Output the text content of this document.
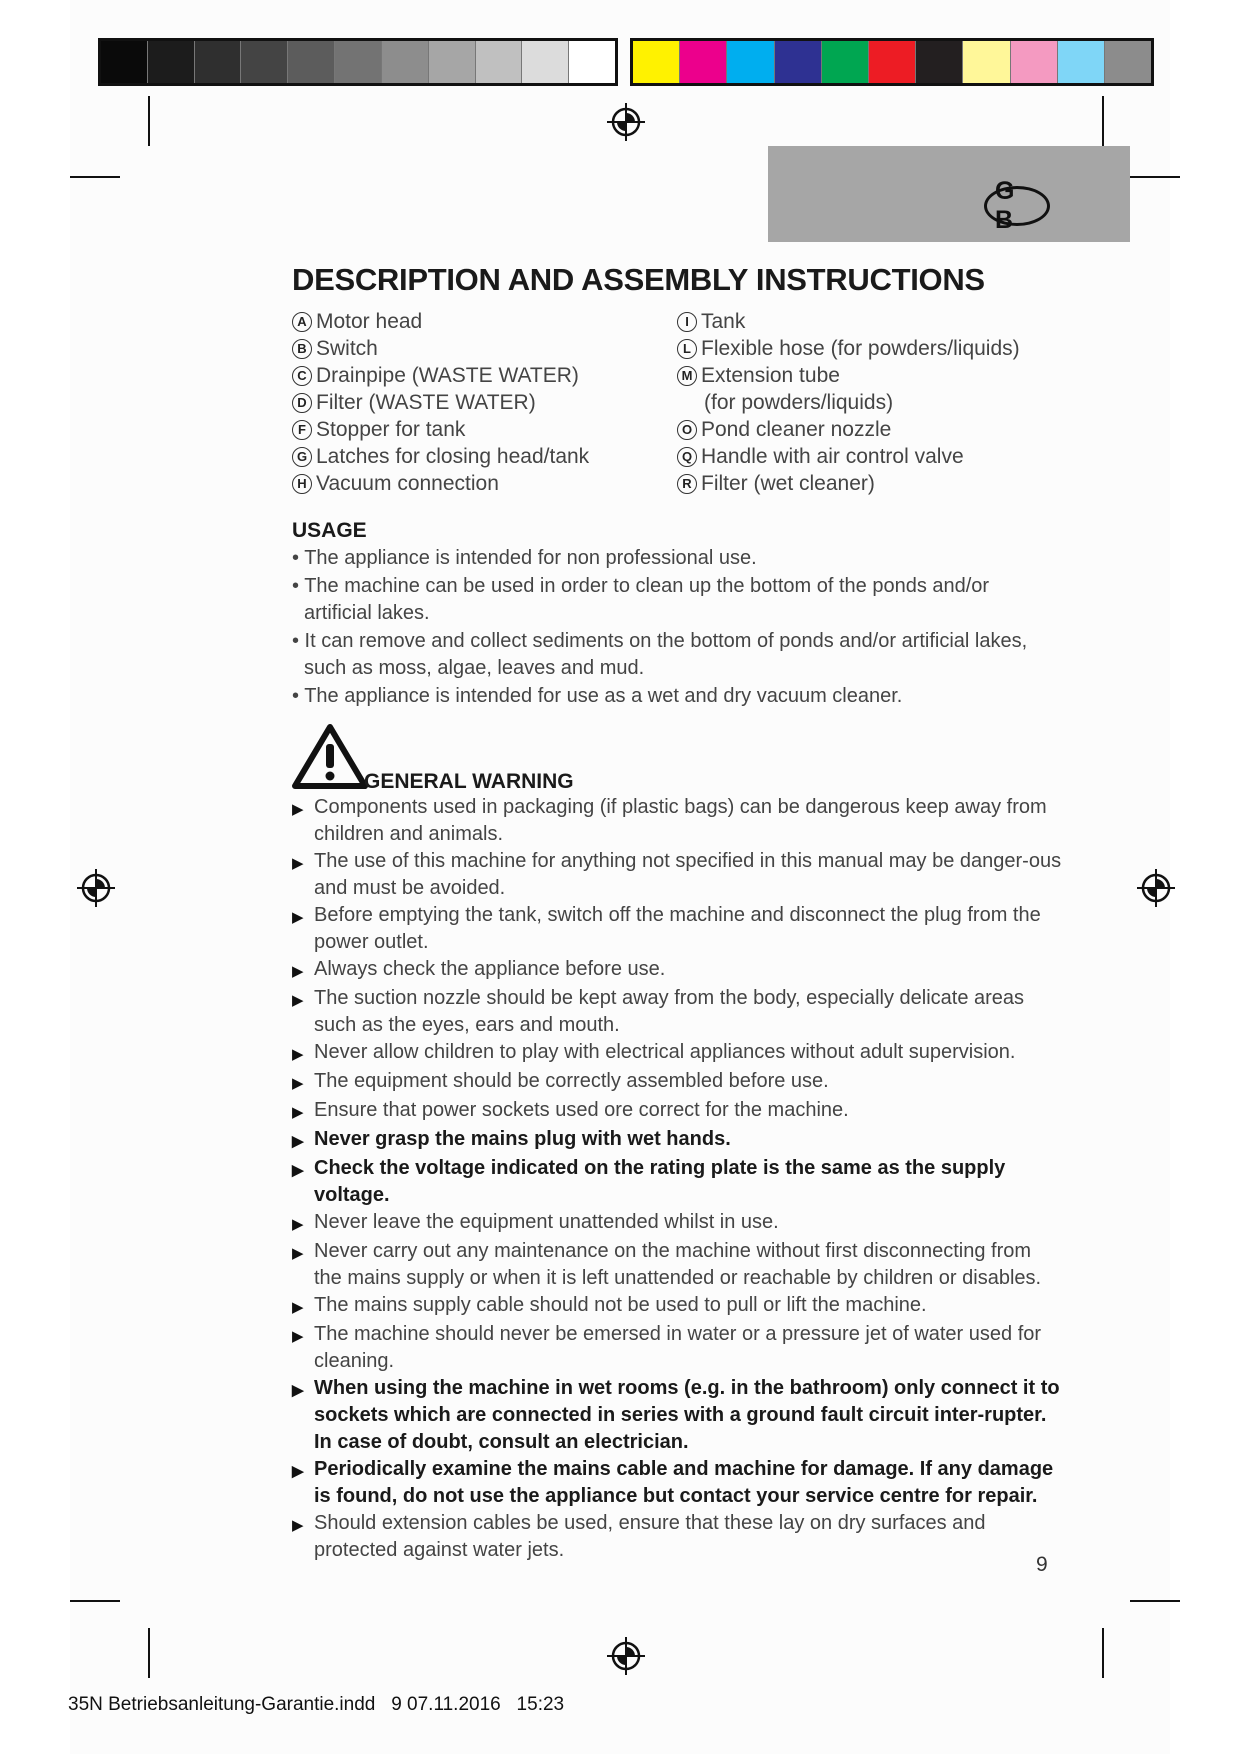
G B
DESCRIPTION AND ASSEMBLY INSTRUCTIONS
A Motor head
B Switch
C Drainpipe (WASTE WATER)
D Filter (WASTE WATER)
F Stopper for tank
G Latches for closing head/tank
H Vacuum connection
I Tank
L Flexible hose (for powders/liquids)
M Extension tube
(for powders/liquids)
O Pond cleaner nozzle
Q Handle with air control valve
R Filter (wet cleaner)
USAGE

• The appliance is intended for non professional use.

• The machine can be used in order to clean up the bottom of the ponds and/or artificial lakes.

• It can remove and collect sediments on the bottom of ponds and/or artificial lakes, such as moss, algae, leaves and mud.

• The appliance is intended for use as a wet and dry vacuum cleaner.

GENERAL WARNING
▶ Components used in packaging (if plastic bags) can be dangerous keep away from children and animals.
▶ The use of this machine for anything not specified in this manual may be danger-ous and must be avoided.
▶ Before emptying the tank, switch off the machine and disconnect the plug from the power outlet.
▶ Always check the appliance before use.
▶ The suction nozzle should be kept away from the body, especially delicate areas such as the eyes, ears and mouth.
▶ Never allow children to play with electrical appliances without adult supervision.
▶ The equipment should be correctly assembled before use.
▶ Ensure that power sockets used ore correct for the machine.
▶ Never grasp the mains plug with wet hands.
▶ Check the voltage indicated on the rating plate is the same as the supply voltage.
▶ Never leave the equipment unattended whilst in use.
▶ Never carry out any maintenance on the machine without first disconnecting from the mains supply or when it is left unattended or reachable by children or disables.
▶ The mains supply cable should not be used to pull or lift the machine.
▶ The machine should never be emersed in water or a pressure jet of water used for cleaning.
▶ When using the machine in wet rooms (e.g. in the bathroom) only connect it to sockets which are connected in series with a ground fault circuit inter-rupter. In case of doubt, consult an electrician.
▶ Periodically examine the mains cable and machine for damage. If any damage is found, do not use the appliance but contact your service centre for repair.
▶ Should extension cables be used, ensure that these lay on dry surfaces and protected against water jets.
9
35N Betriebsanleitung-Garantie.indd   9 07.11.2016   15:23
